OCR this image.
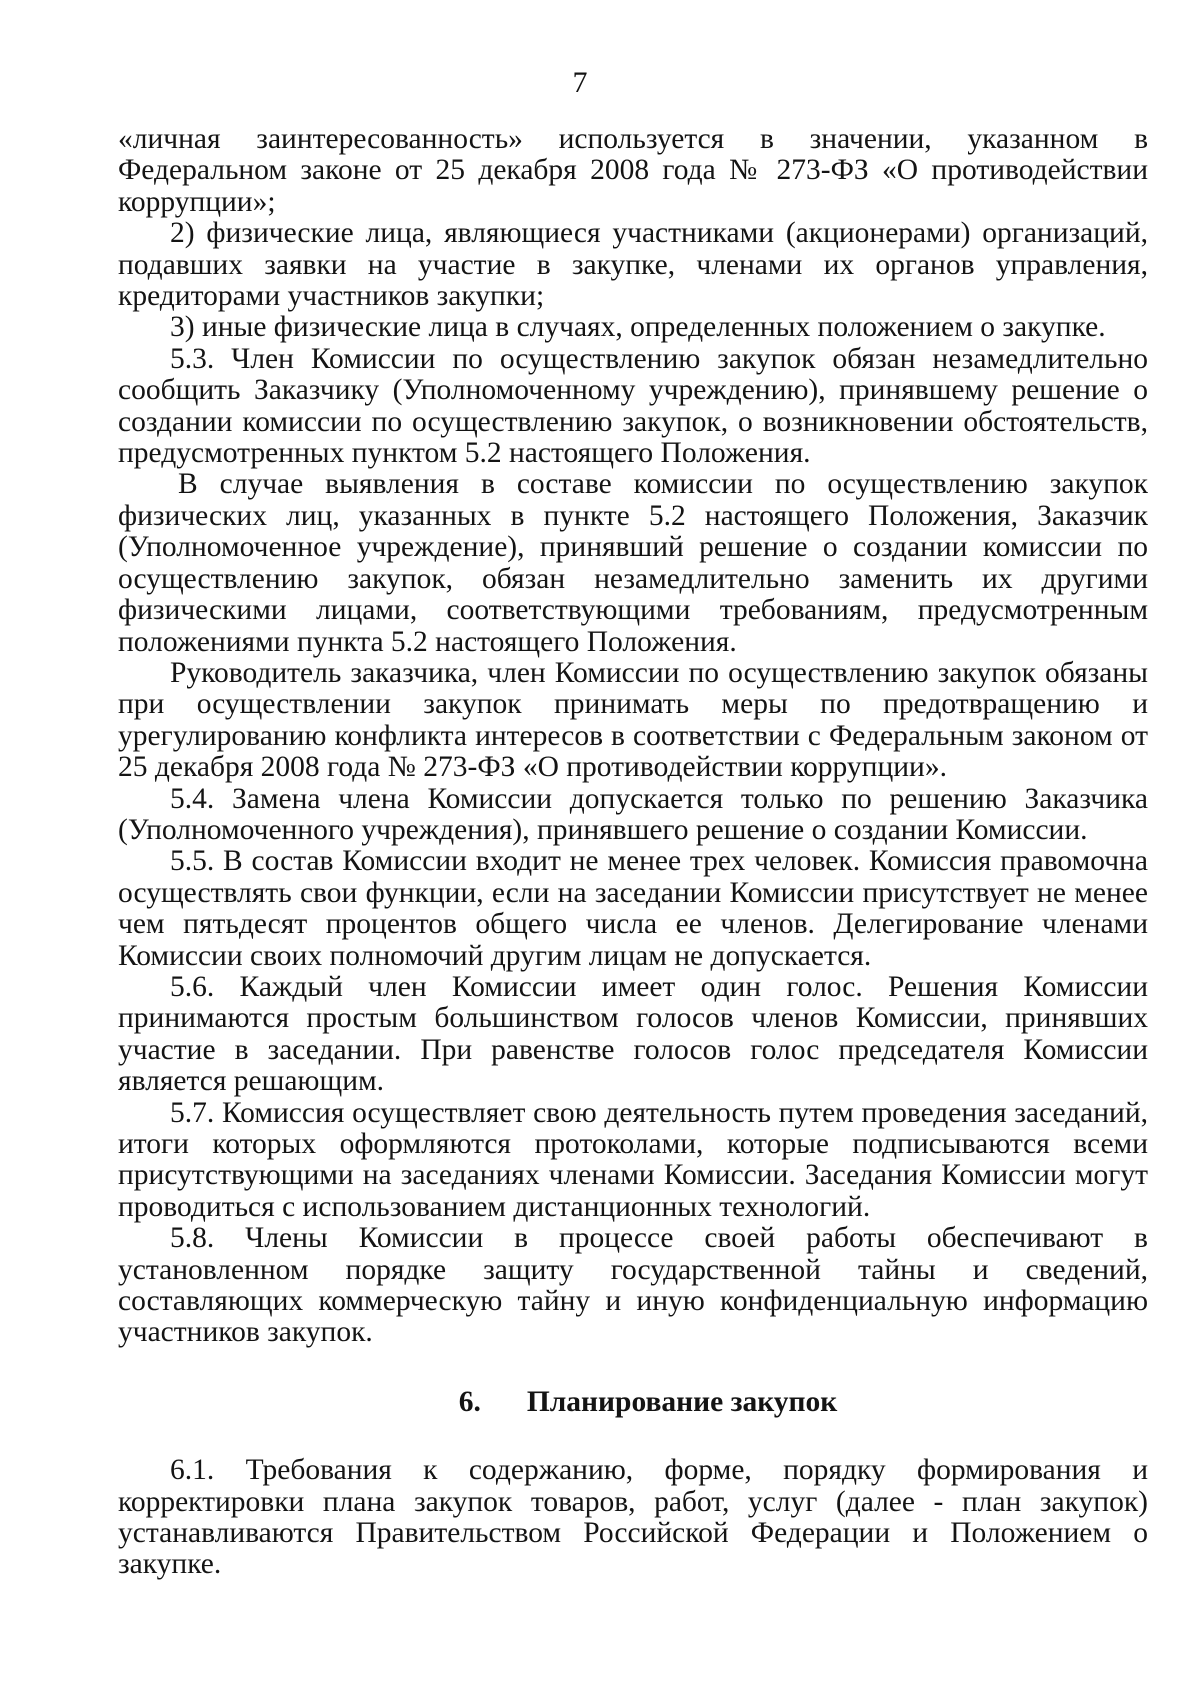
7

«личная заинтересованность» используется в значении, указанном в Федеральном законе от 25 декабря 2008 года № 273-ФЗ «О противодействии коррупции»;

2) физические лица, являющиеся участниками (акционерами) организаций, подавших заявки на участие в закупке, членами их органов управления, кредиторами участников закупки;

3) иные физические лица в случаях, определенных положением о закупке.

5.3. Член Комиссии по осуществлению закупок обязан незамедлительно сообщить Заказчику (Уполномоченному учреждению), принявшему решение о создании комиссии по осуществлению закупок, о возникновении обстоятельств, предусмотренных пунктом 5.2 настоящего Положения.

В случае выявления в составе комиссии по осуществлению закупок физических лиц, указанных в пункте 5.2 настоящего Положения, Заказчик (Уполномоченное учреждение), принявший решение о создании комиссии по осуществлению закупок, обязан незамедлительно заменить их другими физическими лицами, соответствующими требованиям, предусмотренным положениями пункта 5.2 настоящего Положения.

Руководитель заказчика, член Комиссии по осуществлению закупок обязаны при осуществлении закупок принимать меры по предотвращению и урегулированию конфликта интересов в соответствии с Федеральным законом от 25 декабря 2008 года № 273-ФЗ «О противодействии коррупции».

5.4. Замена члена Комиссии допускается только по решению Заказчика (Уполномоченного учреждения), принявшего решение о создании Комиссии.

5.5. В состав Комиссии входит не менее трех человек. Комиссия правомочна осуществлять свои функции, если на заседании Комиссии присутствует не менее чем пятьдесят процентов общего числа ее членов. Делегирование членами Комиссии своих полномочий другим лицам не допускается.

5.6. Каждый член Комиссии имеет один голос. Решения Комиссии принимаются простым большинством голосов членов Комиссии, принявших участие в заседании. При равенстве голосов голос председателя Комиссии является решающим.

5.7. Комиссия осуществляет свою деятельность путем проведения заседаний, итоги которых оформляются протоколами, которые подписываются всеми присутствующими на заседаниях членами Комиссии. Заседания Комиссии могут проводиться с использованием дистанционных технологий.

5.8. Члены Комиссии в процессе своей работы обеспечивают в установленном порядке защиту государственной тайны и сведений, составляющих коммерческую тайну и иную конфиденциальную информацию участников закупок.

6. Планирование закупок

6.1. Требования к содержанию, форме, порядку формирования и корректировки плана закупок товаров, работ, услуг (далее - план закупок) устанавливаются Правительством Российской Федерации и Положением о закупке.
